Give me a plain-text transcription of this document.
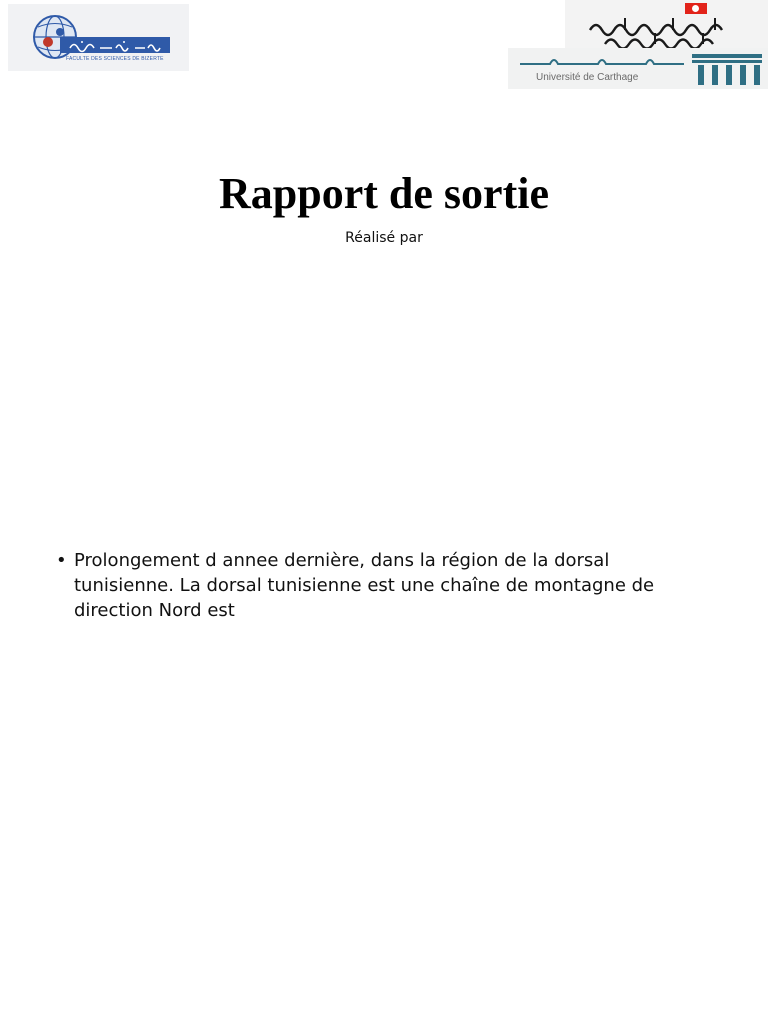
FACULTE DES SCIENCES DE BIZERTE
Université de Carthage
Rapport de sortie

Réalisé par

• Prolongement d annee dernière, dans la région de la dorsal tunisienne. La dorsal tunisienne est une chaîne de montagne de direction Nord est
